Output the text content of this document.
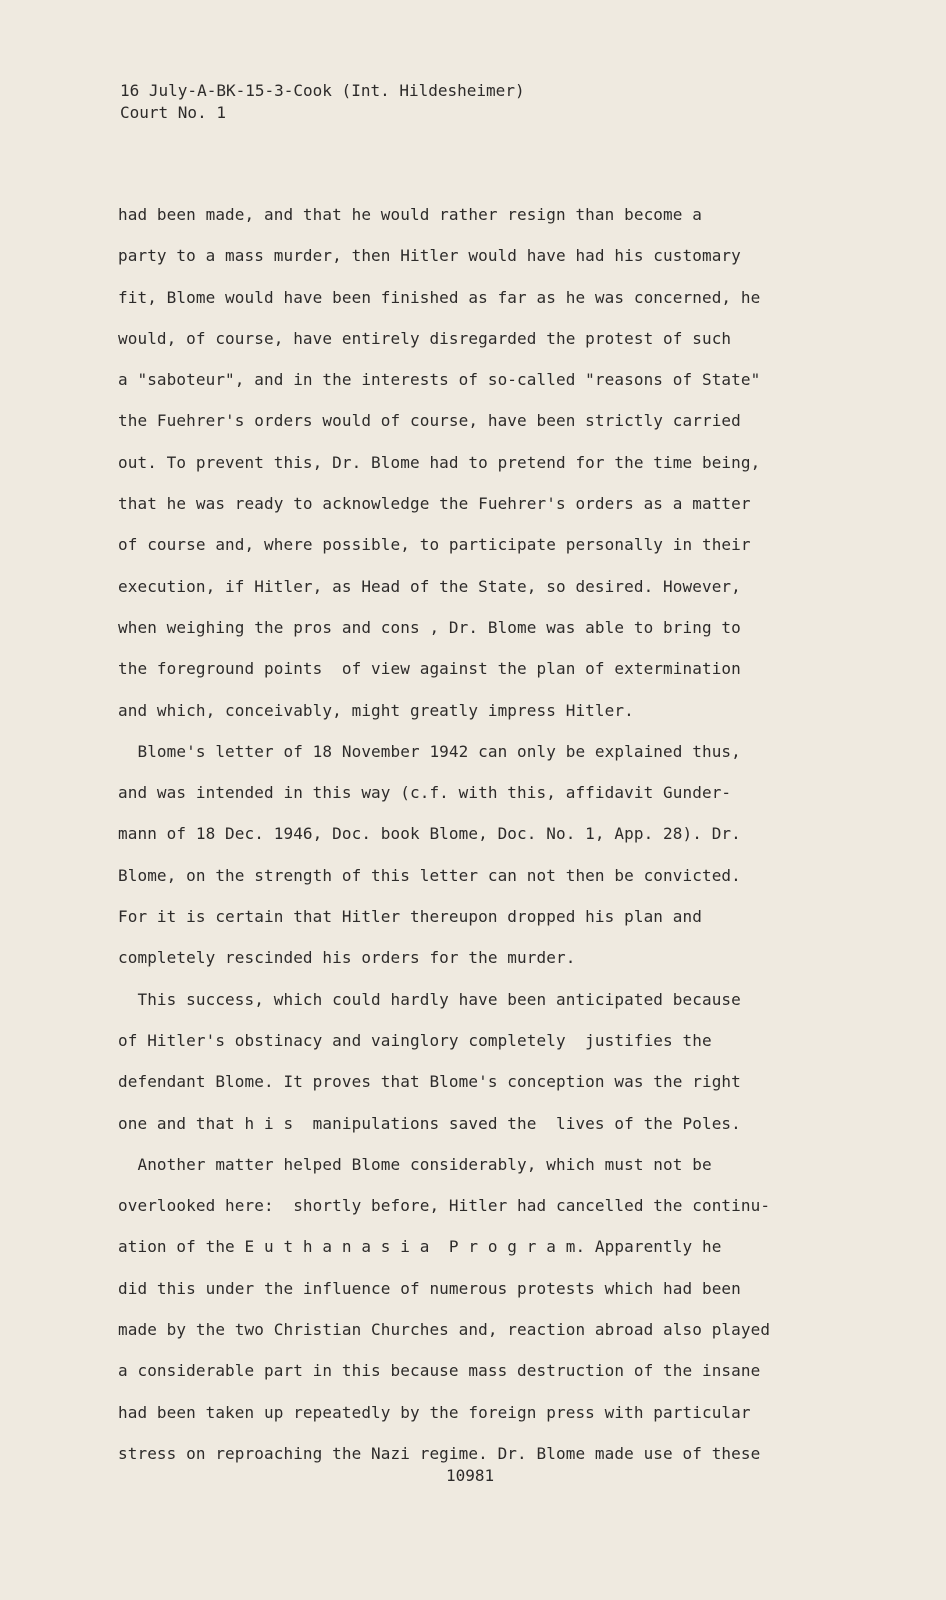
16 July-A-BK-15-3-Cook (Int. Hildesheimer)
Court No. 1
had been made, and that he would rather resign than become a
party to a mass murder, then Hitler would have had his customary
fit, Blome would have been finished as far as he was concerned, he
would, of course, have entirely disregarded the protest of such
a "saboteur", and in the interests of so-called "reasons of State"
the Fuehrer's orders would of course, have been strictly carried
out. To prevent this, Dr. Blome had to pretend for the time being,
that he was ready to acknowledge the Fuehrer's orders as a matter
of course and, where possible, to participate personally in their
execution, if Hitler, as Head of the State, so desired. However,
when weighing the pros and cons , Dr. Blome was able to bring to
the foreground points  of view against the plan of extermination
and which, conceivably, might greatly impress Hitler.
Blome's letter of 18 November 1942 can only be explained thus,
and was intended in this way (c.f. with this, affidavit Gunder-
mann of 18 Dec. 1946, Doc. book Blome, Doc. No. 1, App. 28). Dr.
Blome, on the strength of this letter can not then be convicted.
For it is certain that Hitler thereupon dropped his plan and
completely rescinded his orders for the murder.
This success, which could hardly have been anticipated because
of Hitler's obstinacy and vainglory completely  justifies the
defendant Blome. It proves that Blome's conception was the right
one and that h i s  manipulations saved the  lives of the Poles.
Another matter helped Blome considerably, which must not be
overlooked here:  shortly before, Hitler had cancelled the continu-
ation of the E u t h a n a s i a  P r o g r a m. Apparently he
did this under the influence of numerous protests which had been
made by the two Christian Churches and, reaction abroad also played
a considerable part in this because mass destruction of the insane
had been taken up repeatedly by the foreign press with particular
stress on reproaching the Nazi regime. Dr. Blome made use of these
10981
